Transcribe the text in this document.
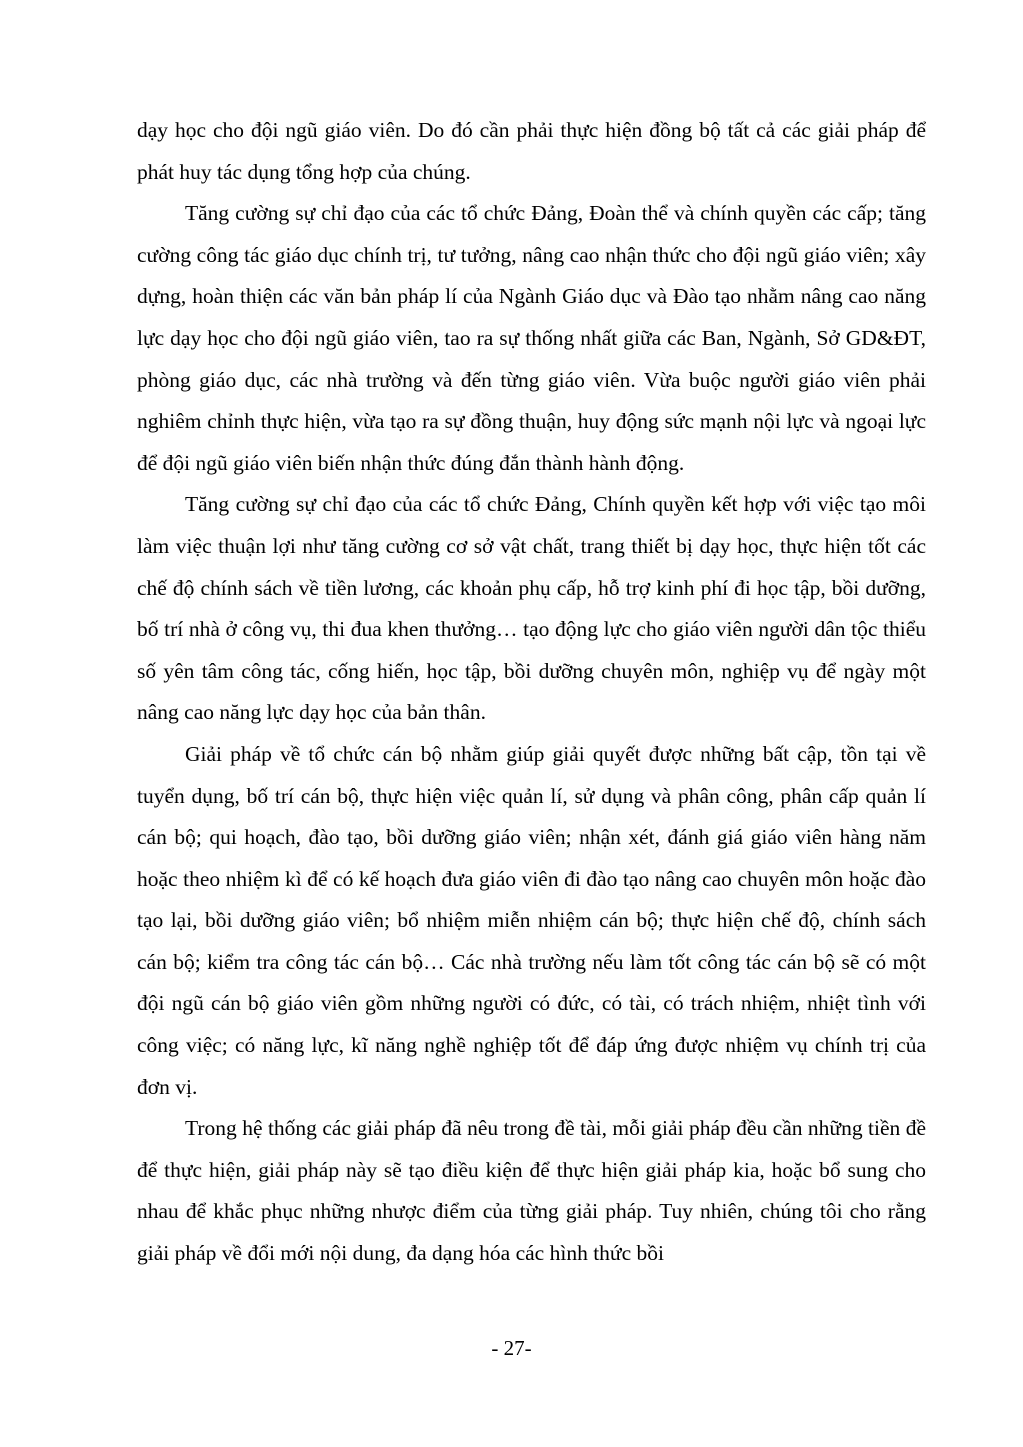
dạy học cho đội ngũ giáo viên. Do đó cần phải thực hiện đồng bộ tất cả các giải pháp để phát huy tác dụng tổng hợp của chúng.

Tăng cường sự chỉ đạo của các tổ chức Đảng, Đoàn thể và chính quyền các cấp; tăng cường công tác giáo dục chính trị, tư tưởng, nâng cao nhận thức cho đội ngũ giáo viên; xây dựng, hoàn thiện các văn bản pháp lí của Ngành Giáo dục và Đào tạo nhằm nâng cao năng lực dạy học cho đội ngũ giáo viên, tao ra sự thống nhất giữa các Ban, Ngành, Sở GD&ĐT, phòng giáo dục, các nhà trường và đến từng giáo viên. Vừa buộc người giáo viên phải nghiêm chỉnh thực hiện, vừa tạo ra sự đồng thuận, huy động sức mạnh nội lực và ngoại lực để đội ngũ giáo viên biến nhận thức đúng đắn thành hành động.

Tăng cường sự chỉ đạo của các tổ chức Đảng, Chính quyền kết hợp với việc tạo môi làm việc thuận lợi như tăng cường cơ sở vật chất, trang thiết bị dạy học, thực hiện tốt các chế độ chính sách về tiền lương, các khoản phụ cấp, hỗ trợ kinh phí đi học tập, bồi dưỡng, bố trí nhà ở công vụ, thi đua khen thưởng… tạo động lực cho giáo viên người dân tộc thiểu số yên tâm công tác, cống hiến, học tập, bồi dưỡng chuyên môn, nghiệp vụ để ngày một nâng cao năng lực dạy học của bản thân.

Giải pháp về tổ chức cán bộ nhằm giúp giải quyết được những bất cập, tồn tại về tuyển dụng, bố trí cán bộ, thực hiện việc quản lí, sử dụng và phân công, phân cấp quản lí cán bộ; qui hoạch, đào tạo, bồi dưỡng giáo viên; nhận xét, đánh giá giáo viên hàng năm hoặc theo nhiệm kì để có kế hoạch đưa giáo viên đi đào tạo nâng cao chuyên môn hoặc đào tạo lại, bồi dưỡng giáo viên; bổ nhiệm miễn nhiệm cán bộ; thực hiện chế độ, chính sách cán bộ; kiểm tra công tác cán bộ… Các nhà trường nếu làm tốt công tác cán bộ sẽ có một đội ngũ cán bộ giáo viên gồm những người có đức, có tài, có trách nhiệm, nhiệt tình với công việc; có năng lực, kĩ năng nghề nghiệp tốt để đáp ứng được nhiệm vụ chính trị của đơn vị.

Trong hệ thống các giải pháp đã nêu trong đề tài, mỗi giải pháp đều cần những tiền đề để thực hiện, giải pháp này sẽ tạo điều kiện để thực hiện giải pháp kia, hoặc bổ sung cho nhau để khắc phục những nhược điểm của từng giải pháp. Tuy nhiên, chúng tôi cho rằng giải pháp về đổi mới nội dung, đa dạng hóa các hình thức bồi

- 27-
